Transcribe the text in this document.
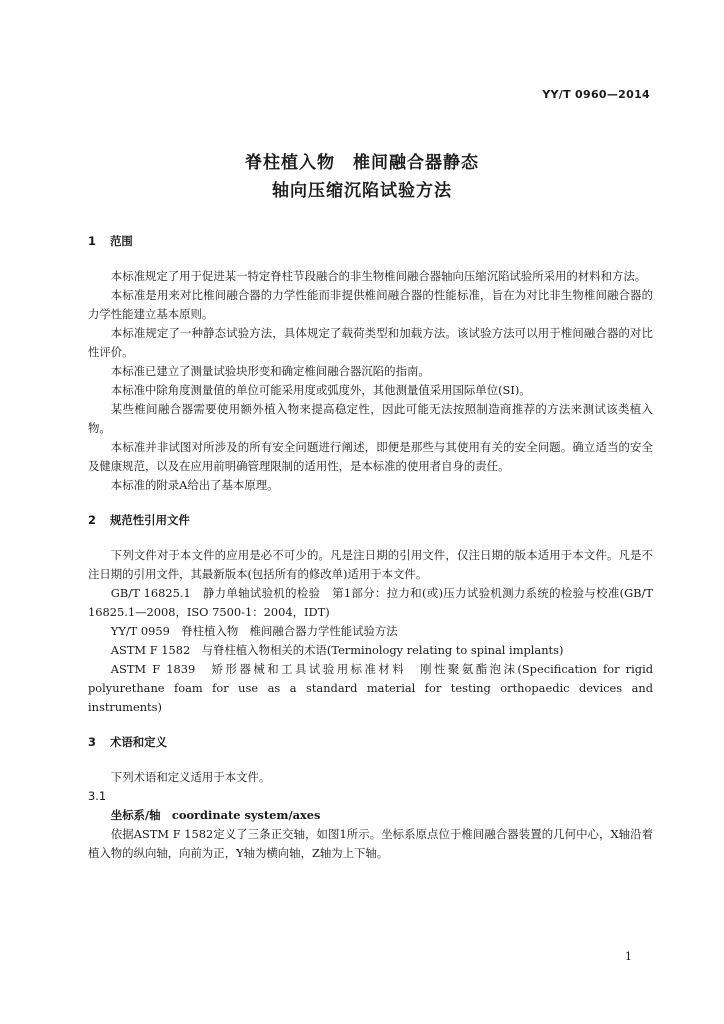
YY/T 0960—2014
脊柱植入物　椎间融合器静态
轴向压缩沉陷试验方法

1 范围

本标准规定了用于促进某一特定脊柱节段融合的非生物椎间融合器轴向压缩沉陷试验所采用的材料和方法。

本标准是用来对比椎间融合器的力学性能而非提供椎间融合器的性能标准，旨在为对比非生物椎间融合器的力学性能建立基本原则。

本标准规定了一种静态试验方法，具体规定了载荷类型和加载方法。该试验方法可以用于椎间融合器的对比性评价。

本标准已建立了测量试验块形变和确定椎间融合器沉陷的指南。

本标准中除角度测量值的单位可能采用度或弧度外，其他测量值采用国际单位(SI)。

某些椎间融合器需要使用额外植入物来提高稳定性，因此可能无法按照制造商推荐的方法来测试该类植入物。

本标准并非试图对所涉及的所有安全问题进行阐述，即便是那些与其使用有关的安全问题。确立适当的安全及健康规范，以及在应用前明确管理限制的适用性，是本标准的使用者自身的责任。

本标准的附录A给出了基本原理。

2 规范性引用文件

下列文件对于本文件的应用是必不可少的。凡是注日期的引用文件，仅注日期的版本适用于本文件。凡是不注日期的引用文件，其最新版本(包括所有的修改单)适用于本文件。

GB/T 16825.1　静力单轴试验机的检验　第1部分：拉力和(或)压力试验机测力系统的检验与校准(GB/T 16825.1—2008，ISO 7500-1：2004，IDT)

YY/T 0959　脊柱植入物　椎间融合器力学性能试验方法

ASTM F 1582　与脊柱植入物相关的术语(Terminology relating to spinal implants)

ASTM F 1839　矫形器械和工具试验用标准材料　刚性聚氨酯泡沫(Specification for rigid polyurethane foam for use as a standard material for testing orthopaedic devices and instruments)

3 术语和定义

下列术语和定义适用于本文件。

3.1

坐标系/轴　coordinate system/axes

依据ASTM F 1582定义了三条正交轴，如图1所示。坐标系原点位于椎间融合器装置的几何中心，X轴沿着植入物的纵向轴，向前为正，Y轴为横向轴，Z轴为上下轴。

1
